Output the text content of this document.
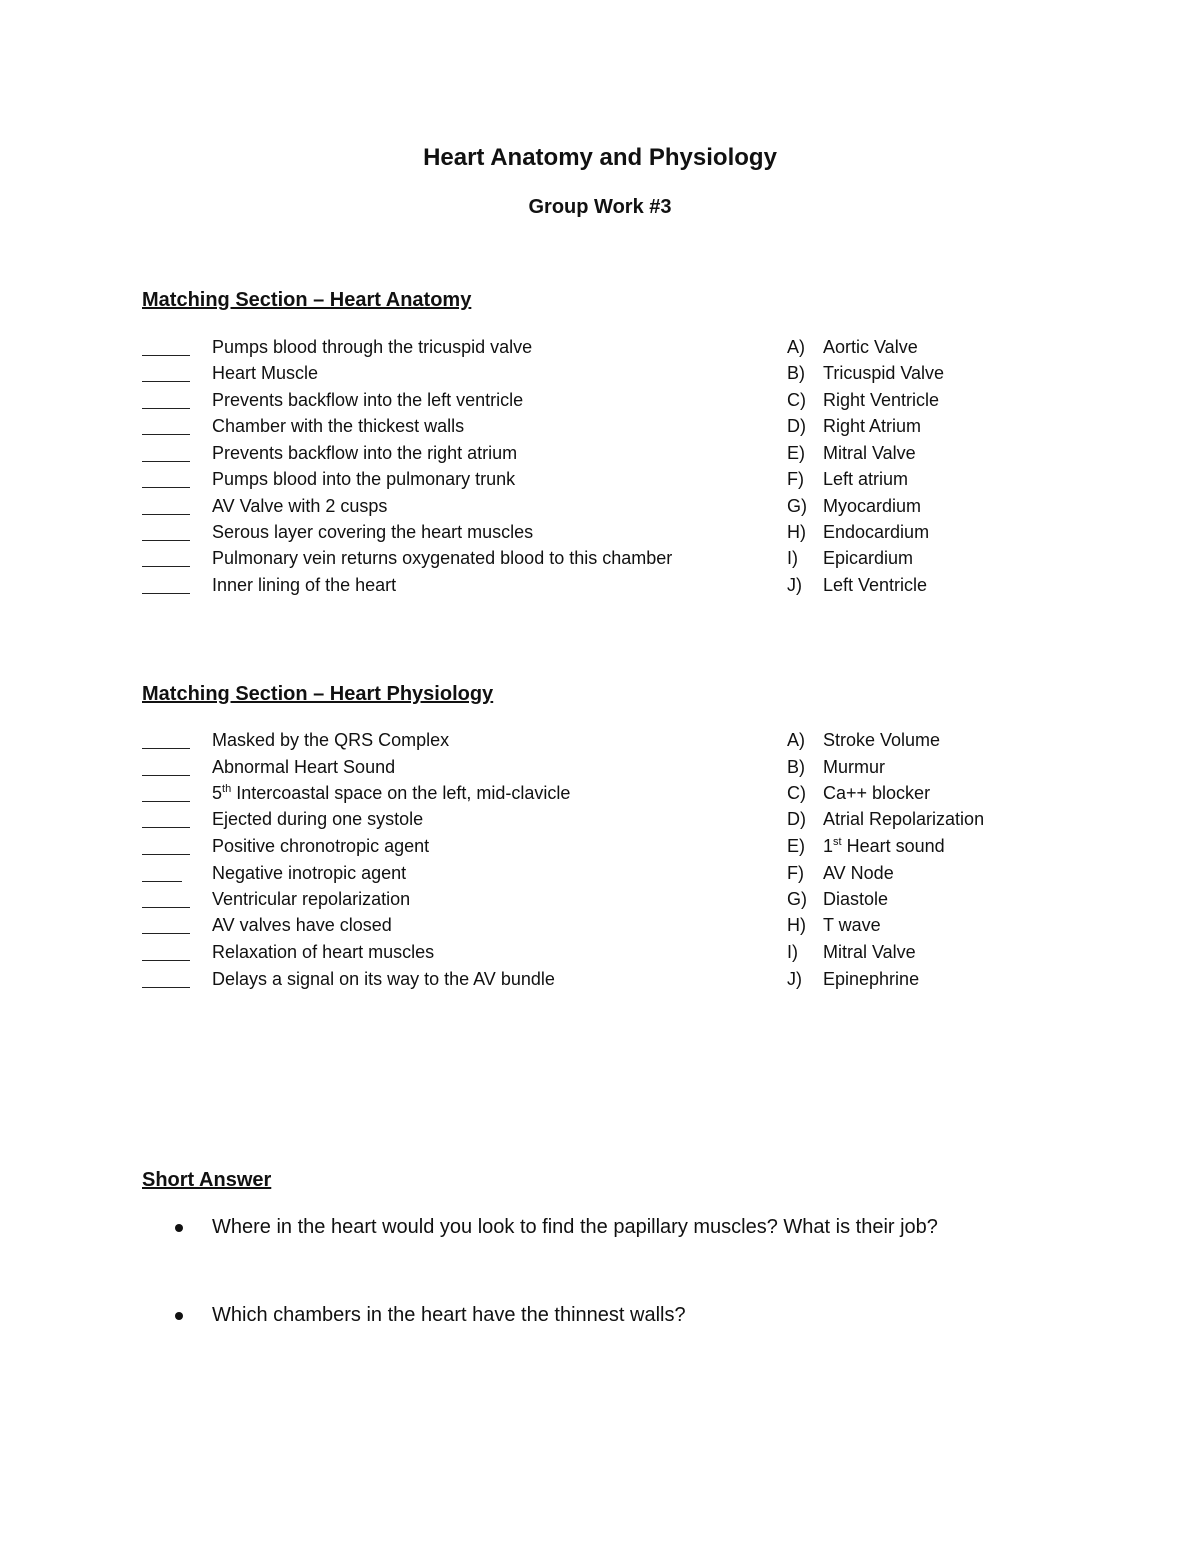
Heart Anatomy and Physiology
Group Work #3
Matching Section – Heart Anatomy
Pumps blood through the tricuspid valve	A) Aortic Valve
Heart Muscle	B) Tricuspid Valve
Prevents backflow into the left ventricle	C) Right Ventricle
Chamber with the thickest walls	D) Right Atrium
Prevents backflow into the right atrium	E) Mitral Valve
Pumps blood into the pulmonary trunk	F) Left atrium
AV Valve with 2 cusps	G) Myocardium
Serous layer covering the heart muscles	H) Endocardium
Pulmonary vein returns oxygenated blood to this chamber	I) Epicardium
Inner lining of the heart	J) Left Ventricle
Matching Section – Heart Physiology
Masked by the QRS Complex	A) Stroke Volume
Abnormal Heart Sound	B) Murmur
5th Intercoastal space on the left, mid-clavicle	C) Ca++ blocker
Ejected during one systole	D) Atrial Repolarization
Positive chronotropic agent	E) 1st Heart sound
Negative inotropic agent	F) AV Node
Ventricular repolarization	G) Diastole
AV valves have closed	H) T wave
Relaxation of heart muscles	I) Mitral Valve
Delays a signal on its way to the AV bundle	J) Epinephrine
Short Answer
Where in the heart would you look to find the papillary muscles? What is their job?
Which chambers in the heart have the thinnest walls?
